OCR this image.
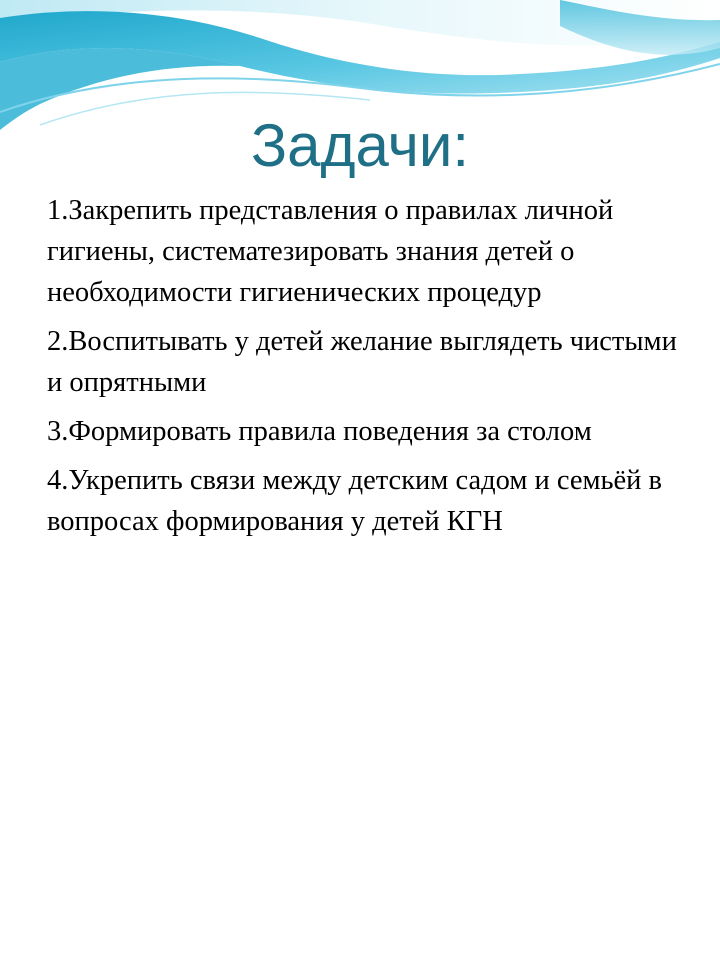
Задачи:
1.Закрепить представления о правилах личной гигиены, систематезировать знания детей о необходимости гигиенических процедур
2.Воспитывать у детей желание выглядеть чистыми и опрятными
3.Формировать правила поведения за столом
4.Укрепить связи между детским садом и семьёй в вопросах формирования у детей КГН
